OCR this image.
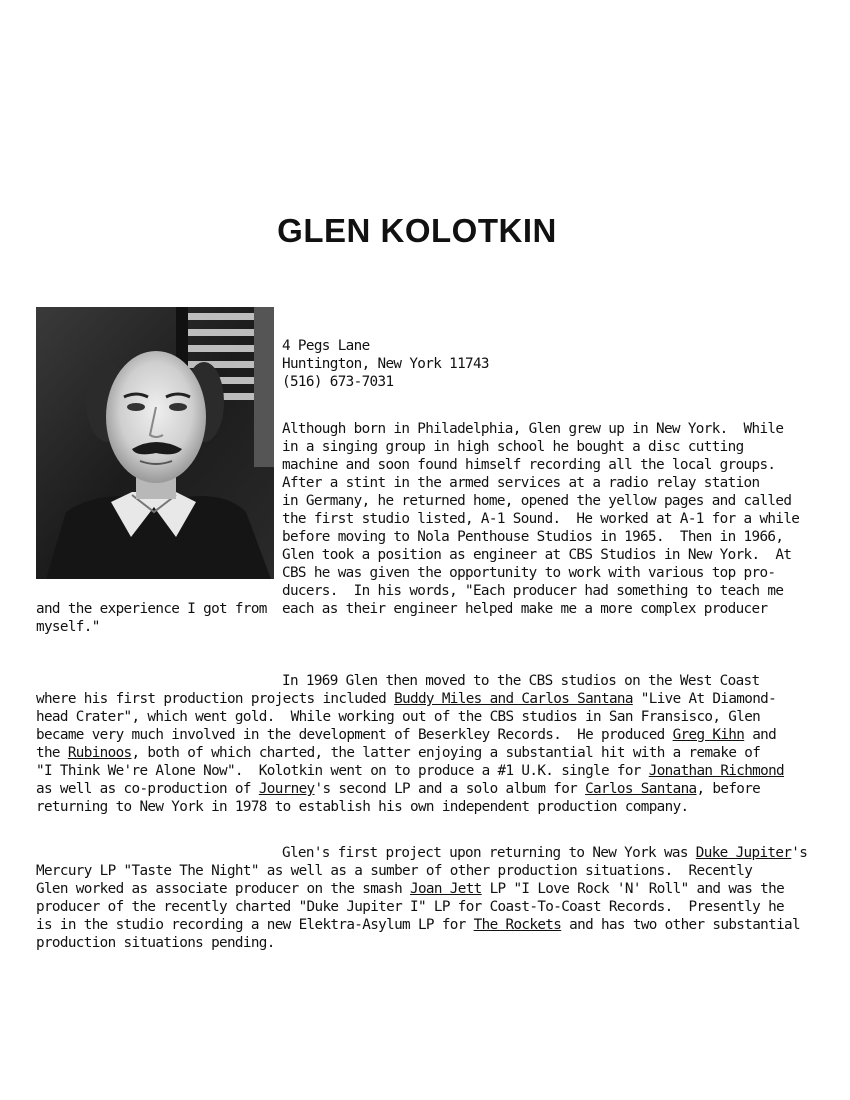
GLEN KOLOTKIN
4 Pegs Lane
Huntington, New York 11743
(516) 673-7031
Although born in Philadelphia, Glen grew up in New York.  While
in a singing group in high school he bought a disc cutting
machine and soon found himself recording all the local groups.
After a stint in the armed services at a radio relay station
in Germany, he returned home, opened the yellow pages and called
the first studio listed, A-1 Sound.  He worked at A-1 for a while
before moving to Nola Penthouse Studios in 1965.  Then in 1966,
Glen took a position as engineer at CBS Studios in New York.  At
CBS he was given the opportunity to work with various top pro-
ducers.  In his words, "Each producer had something to teach me
and the experience I got from each as their engineer helped make me a more complex producer
myself."
In 1969 Glen then moved to the CBS studios on the West Coast
where his first production projects included Buddy Miles and Carlos Santana "Live At Diamond-
head Crater", which went gold.  While working out of the CBS studios in San Fransisco, Glen
became very much involved in the development of Beserkley Records.  He produced Greg Kihn and
the Rubinoos, both of which charted, the latter enjoying a substantial hit with a remake of
"I Think We're Alone Now".  Kolotkin went on to produce a #1 U.K. single for Jonathan Richmond
as well as co-production of Journey's second LP and a solo album for Carlos Santana, before
returning to New York in 1978 to establish his own independent production company.
Glen's first project upon returning to New York was Duke Jupiter's
Mercury LP "Taste The Night" as well as a sumber of other production situations.  Recently
Glen worked as associate producer on the smash Joan Jett LP "I Love Rock 'N' Roll" and was the
producer of the recently charted "Duke Jupiter I" LP for Coast-To-Coast Records.  Presently he
is in the studio recording a new Elektra-Asylum LP for The Rockets and has two other substantial
production situations pending.
